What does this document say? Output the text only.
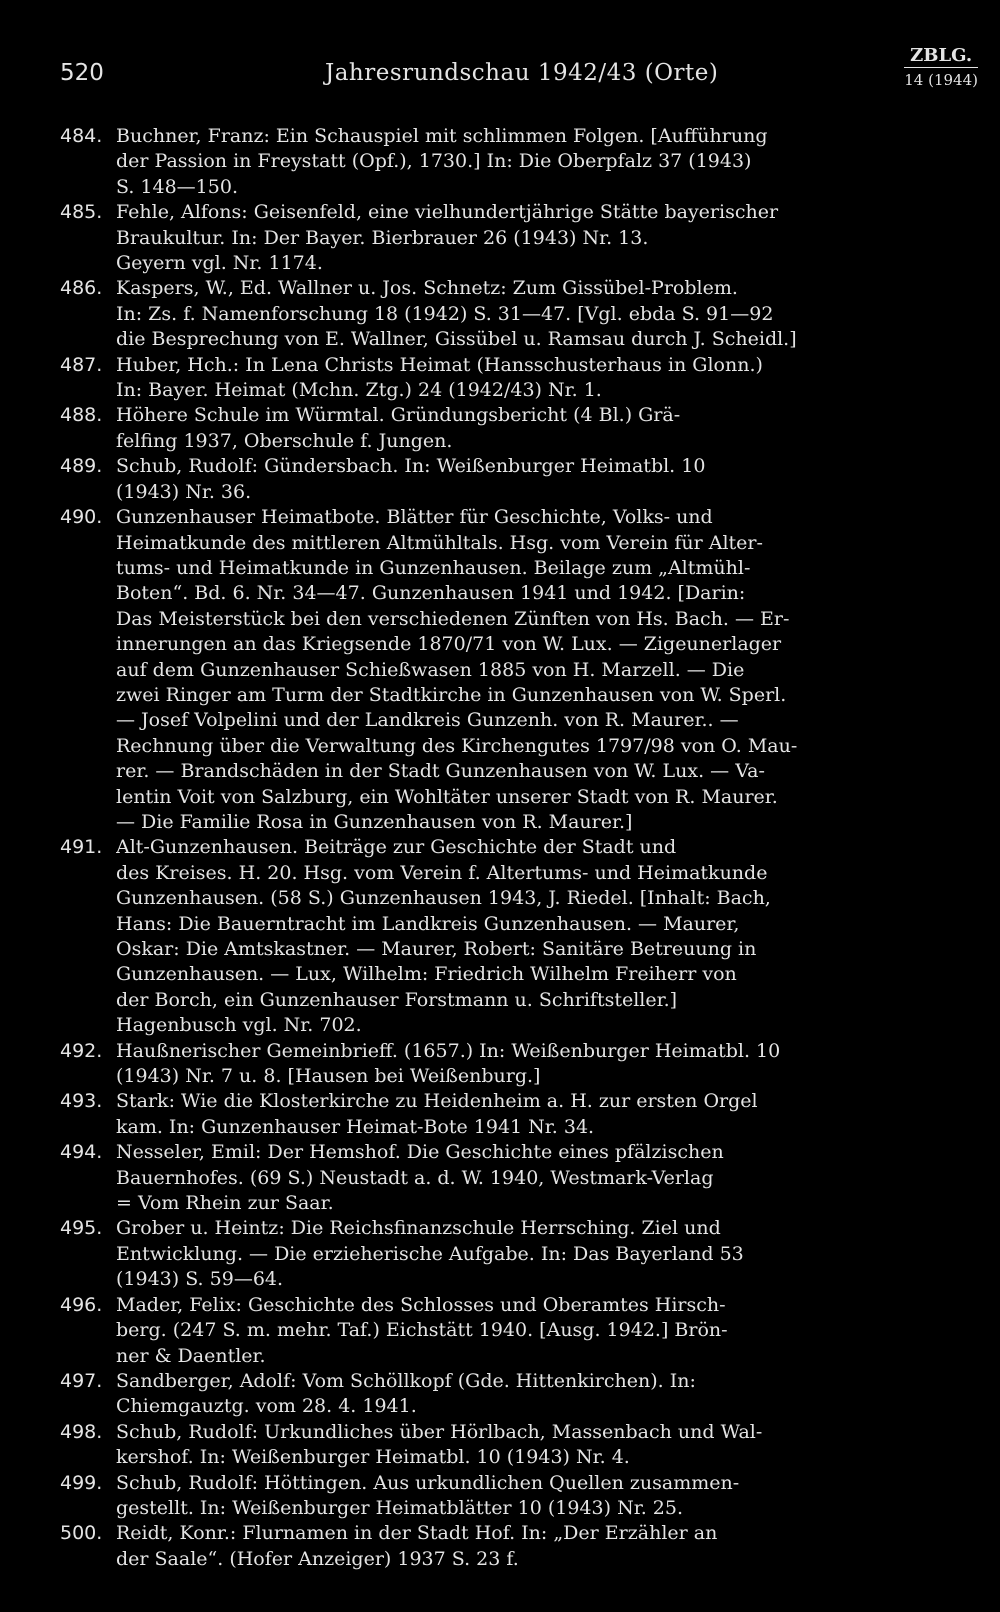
520	Jahresrundschau 1942/43 (Orte)
ZBLG.
14 (1944)
484. Buchner, Franz: Ein Schauspiel mit schlimmen Folgen. [Aufführung
der Passion in Freystatt (Opf.), 1730.] In: Die Oberpfalz 37 (1943)
S. 148—150.
485. Fehle, Alfons: Geisenfeld, eine vielhundertjährige Stätte bayerischer
Braukultur. In: Der Bayer. Bierbrauer 26 (1943) Nr. 13.
Geyern vgl. Nr. 1174.
486. Kaspers, W., Ed. Wallner u. Jos. Schnetz: Zum Gissübel-Problem.
In: Zs. f. Namenforschung 18 (1942) S. 31—47. [Vgl. ebda S. 91—92
die Besprechung von E. Wallner, Gissübel u. Ramsau durch J. Scheidl.]
487. Huber, Hch.: In Lena Christs Heimat (Hansschusterhaus in Glonn.)
In: Bayer. Heimat (Mchn. Ztg.) 24 (1942/43) Nr. 1.
488. Höhere Schule im Würmtal. Gründungsbericht (4 Bl.) Grä-
felfing 1937, Oberschule f. Jungen.
489. Schub, Rudolf: Gündersbach. In: Weißenburger Heimatbl. 10
(1943) Nr. 36.
490. Gunzenhauser Heimatbote. Blätter für Geschichte, Volks- und
Heimatkunde des mittleren Altmühltals. Hsg. vom Verein für Alter-
tums- und Heimatkunde in Gunzenhausen. Beilage zum „Altmühl-
Boten“. Bd. 6. Nr. 34—47. Gunzenhausen 1941 und 1942. [Darin:
Das Meisterstück bei den verschiedenen Zünften von Hs. Bach. — Er-
innerungen an das Kriegsende 1870/71 von W. Lux. — Zigeunerlager
auf dem Gunzenhauser Schießwasen 1885 von H. Marzell. — Die
zwei Ringer am Turm der Stadtkirche in Gunzenhausen von W. Sperl.
— Josef Volpelini und der Landkreis Gunzenh. von R. Maurer.. —
Rechnung über die Verwaltung des Kirchengutes 1797/98 von O. Mau-
rer. — Brandschäden in der Stadt Gunzenhausen von W. Lux. — Va-
lentin Voit von Salzburg, ein Wohltäter unserer Stadt von R. Maurer.
— Die Familie Rosa in Gunzenhausen von R. Maurer.]
491. Alt-Gunzenhausen. Beiträge zur Geschichte der Stadt und
des Kreises. H. 20. Hsg. vom Verein f. Altertums- und Heimatkunde
Gunzenhausen. (58 S.) Gunzenhausen 1943, J. Riedel. [Inhalt: Bach,
Hans: Die Bauerntracht im Landkreis Gunzenhausen. — Maurer,
Oskar: Die Amtskastner. — Maurer, Robert: Sanitäre Betreuung in
Gunzenhausen. — Lux, Wilhelm: Friedrich Wilhelm Freiherr von
der Borch, ein Gunzenhauser Forstmann u. Schriftsteller.]
Hagenbusch vgl. Nr. 702.
492. Haußnerischer Gemeinbrieff. (1657.) In: Weißenburger Heimatbl. 10
(1943) Nr. 7 u. 8. [Hausen bei Weißenburg.]
493. Stark: Wie die Klosterkirche zu Heidenheim a. H. zur ersten Orgel
kam. In: Gunzenhauser Heimat-Bote 1941 Nr. 34.
494. Nesseler, Emil: Der Hemshof. Die Geschichte eines pfälzischen
Bauernhofes. (69 S.) Neustadt a. d. W. 1940, Westmark-Verlag
= Vom Rhein zur Saar.
495. Grober u. Heintz: Die Reichsfinanzschule Herrsching. Ziel und
Entwicklung. — Die erzieherische Aufgabe. In: Das Bayerland 53
(1943) S. 59—64.
496. Mader, Felix: Geschichte des Schlosses und Oberamtes Hirsch-
berg. (247 S. m. mehr. Taf.) Eichstätt 1940. [Ausg. 1942.] Brön-
ner & Daentler.
497. Sandberger, Adolf: Vom Schöllkopf (Gde. Hittenkirchen). In:
Chiemgauztg. vom 28. 4. 1941.
498. Schub, Rudolf: Urkundliches über Hörlbach, Massenbach und Wal-
kershof. In: Weißenburger Heimatbl. 10 (1943) Nr. 4.
499. Schub, Rudolf: Höttingen. Aus urkundlichen Quellen zusammen-
gestellt. In: Weißenburger Heimatblätter 10 (1943) Nr. 25.
500. Reidt, Konr.: Flurnamen in der Stadt Hof. In: „Der Erzähler an
der Saale“. (Hofer Anzeiger) 1937 S. 23 f.
